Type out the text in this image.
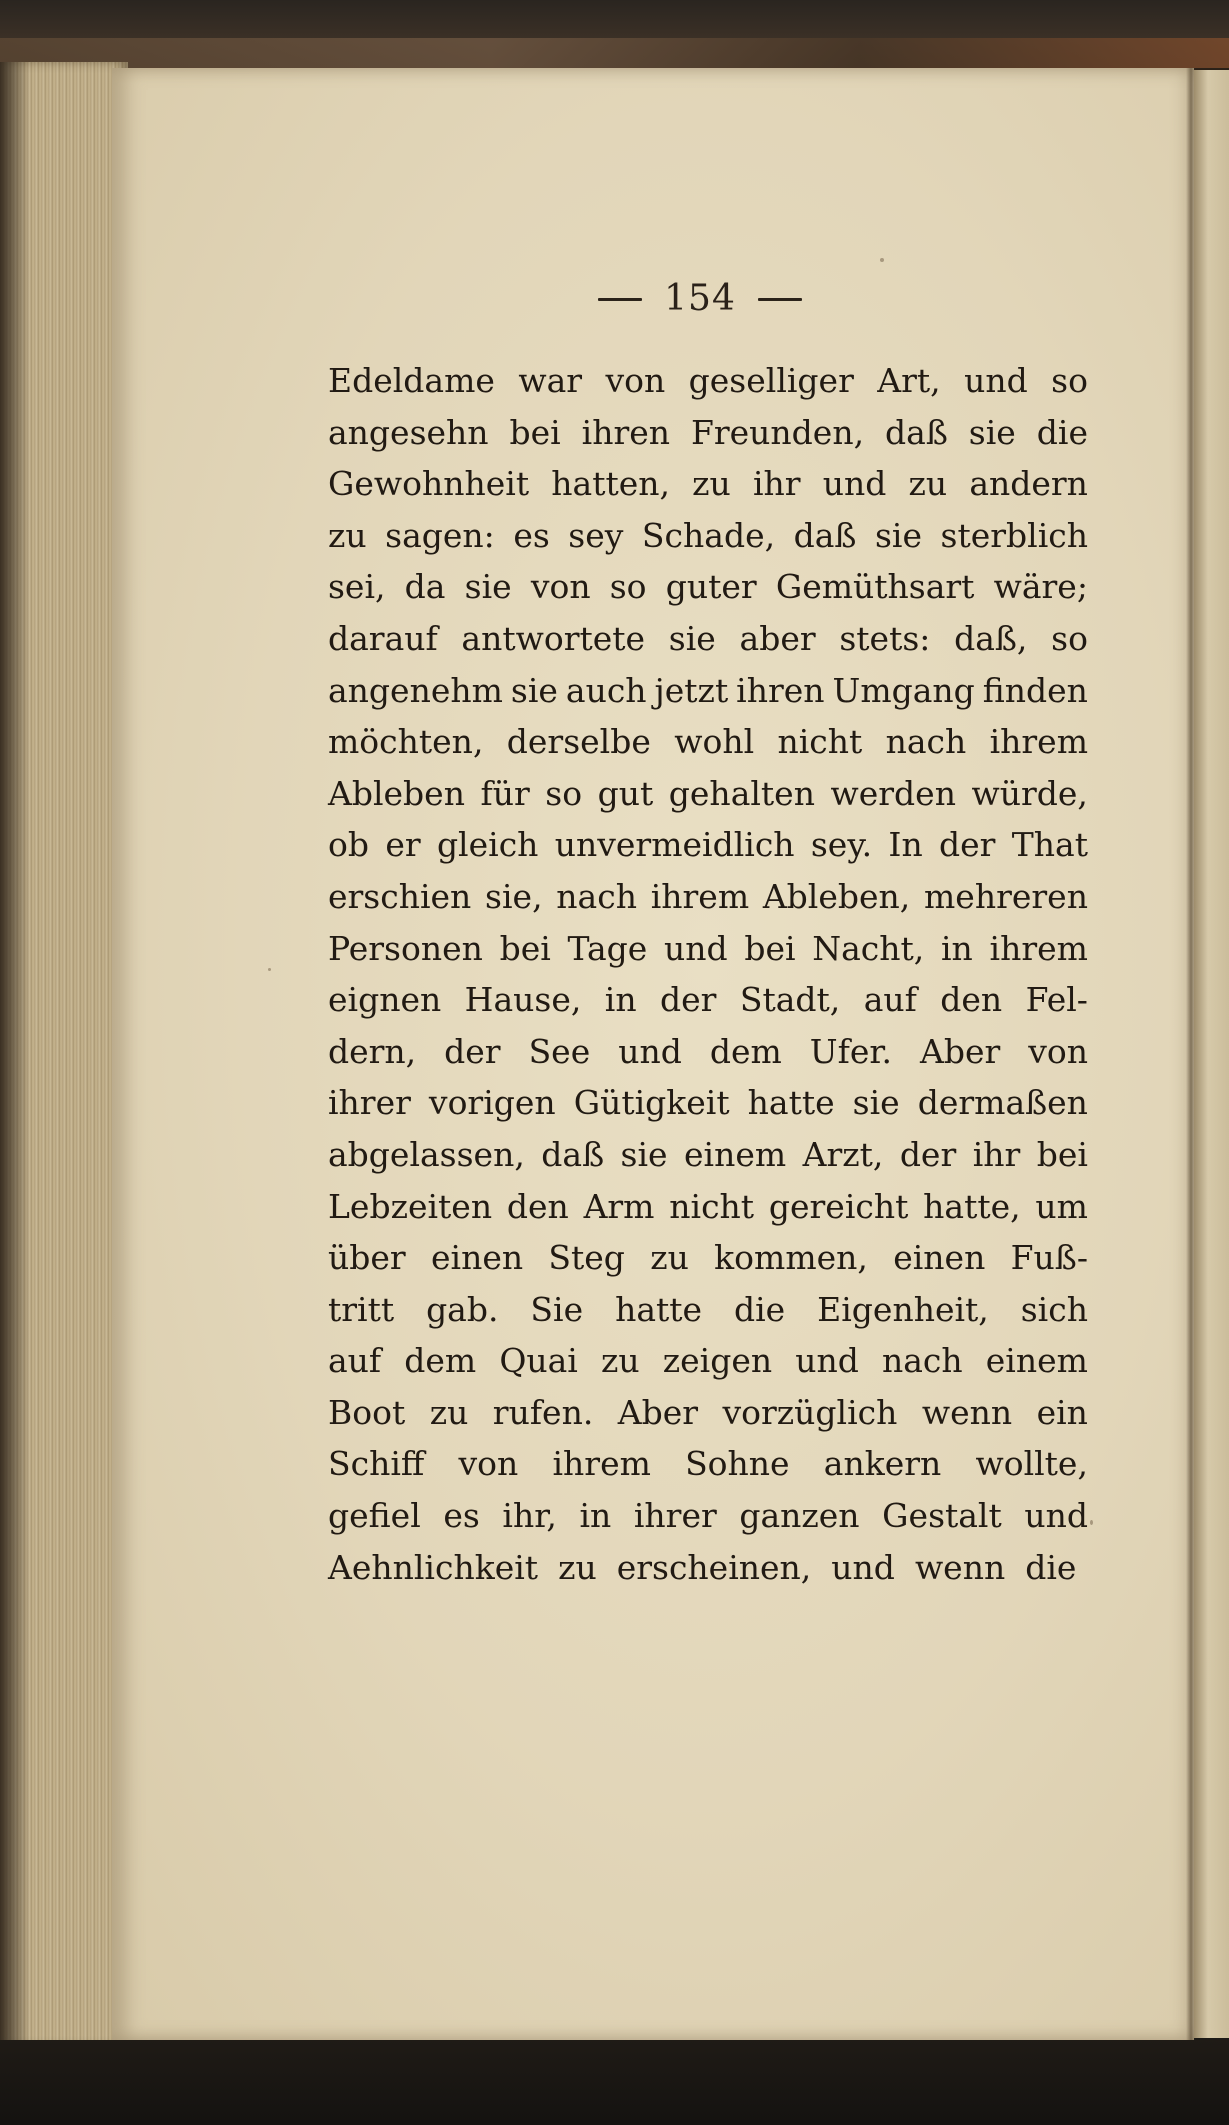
154
Edeldame war von geselliger Art, und so
angesehn bei ihren Freunden, daß sie die
Gewohnheit hatten, zu ihr und zu andern
zu sagen: es sey Schade, daß sie sterblich
sei, da sie von so guter Gemüthsart wäre;
darauf antwortete sie aber stets: daß, so
angenehm sie auch jetzt ihren Umgang finden
möchten, derselbe wohl nicht nach ihrem
Ableben für so gut gehalten werden würde,
ob er gleich unvermeidlich sey. In der That
erschien sie, nach ihrem Ableben, mehreren
Personen bei Tage und bei Nacht, in ihrem
eignen Hause, in der Stadt, auf den Fel-
dern, der See und dem Ufer. Aber von
ihrer vorigen Gütigkeit hatte sie dermaßen
abgelassen, daß sie einem Arzt, der ihr bei
Lebzeiten den Arm nicht gereicht hatte, um
über einen Steg zu kommen, einen Fuß-
tritt gab. Sie hatte die Eigenheit, sich
auf dem Quai zu zeigen und nach einem
Boot zu rufen. Aber vorzüglich wenn ein
Schiff von ihrem Sohne ankern wollte,
gefiel es ihr, in ihrer ganzen Gestalt und
Aehnlichkeit zu erscheinen, und wenn die
